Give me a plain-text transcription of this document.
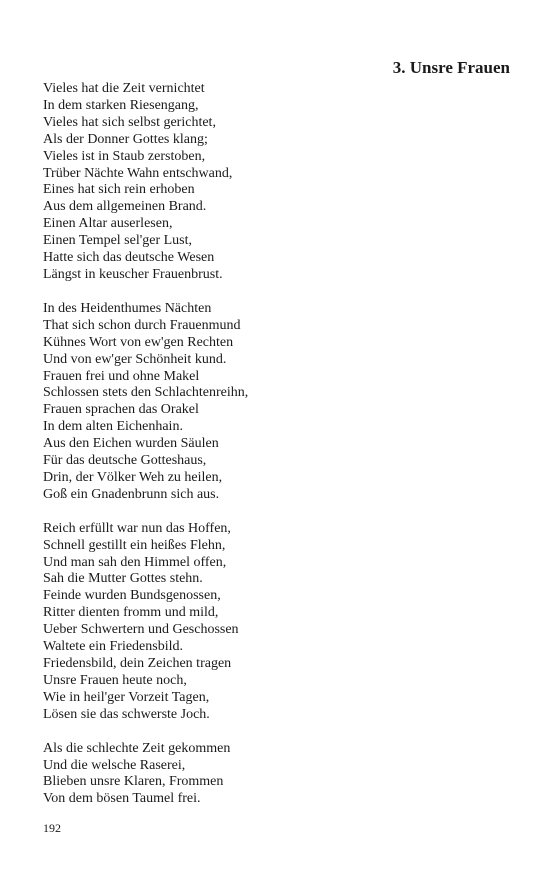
3. Unsre Frauen
Vieles hat die Zeit vernichtet
In dem starken Riesengang,
Vieles hat sich selbst gerichtet,
Als der Donner Gottes klang;
Vieles ist in Staub zerstoben,
Trüber Nächte Wahn entschwand,
Eines hat sich rein erhoben
Aus dem allgemeinen Brand.
Einen Altar auserlesen,
Einen Tempel sel'ger Lust,
Hatte sich das deutsche Wesen
Längst in keuscher Frauenbrust.
In des Heidenthumes Nächten
That sich schon durch Frauenmund
Kühnes Wort von ew'gen Rechten
Und von ew'ger Schönheit kund.
Frauen frei und ohne Makel
Schlossen stets den Schlachtenreihn,
Frauen sprachen das Orakel
In dem alten Eichenhain.
Aus den Eichen wurden Säulen
Für das deutsche Gotteshaus,
Drin, der Völker Weh zu heilen,
Goß ein Gnadenbrunn sich aus.
Reich erfüllt war nun das Hoffen,
Schnell gestillt ein heißes Flehn,
Und man sah den Himmel offen,
Sah die Mutter Gottes stehn.
Feinde wurden Bundsgenossen,
Ritter dienten fromm und mild,
Ueber Schwertern und Geschossen
Waltete ein Friedensbild.
Friedensbild, dein Zeichen tragen
Unsre Frauen heute noch,
Wie in heil'ger Vorzeit Tagen,
Lösen sie das schwerste Joch.
Als die schlechte Zeit gekommen
Und die welsche Raserei,
Blieben unsre Klaren, Frommen
Von dem bösen Taumel frei.
192
